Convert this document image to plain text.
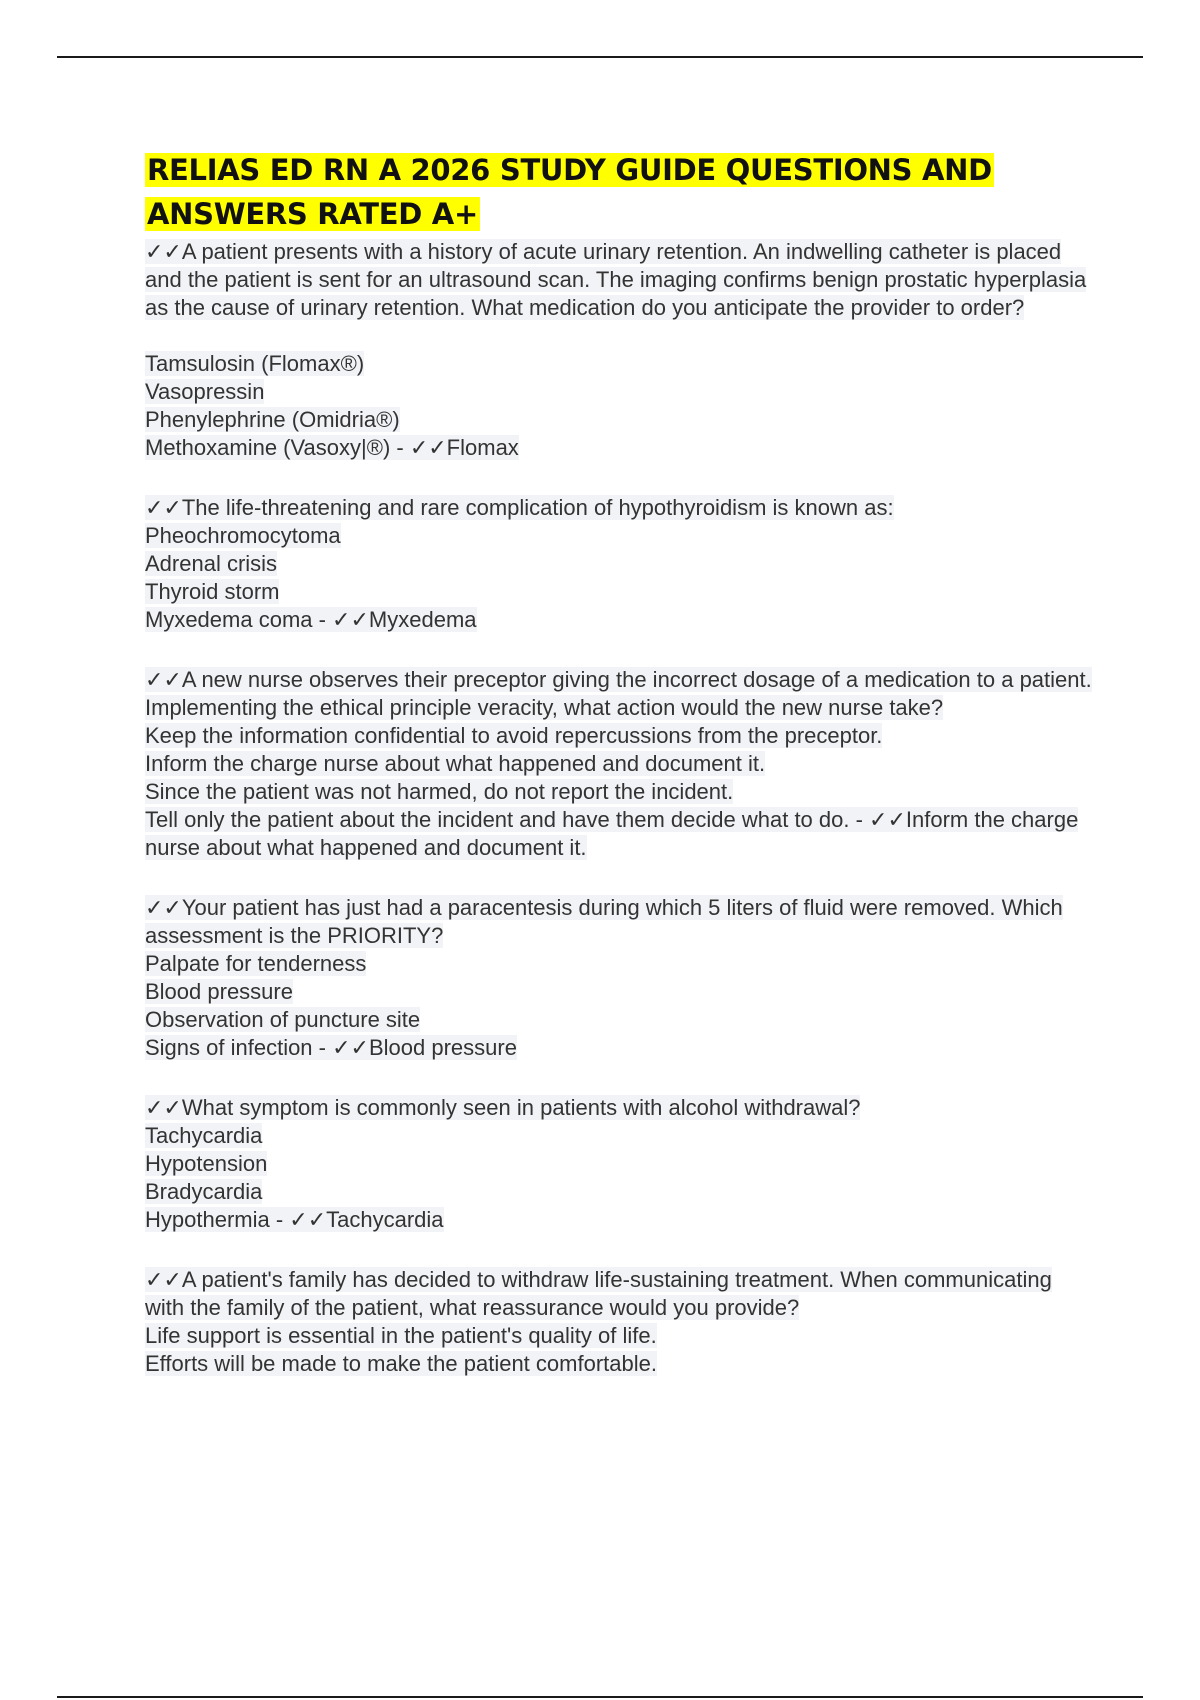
RELIAS ED RN A 2026 STUDY GUIDE QUESTIONS AND ANSWERS RATED A+
✓✓A patient presents with a history of acute urinary retention. An indwelling catheter is placed and the patient is sent for an ultrasound scan. The imaging confirms benign prostatic hyperplasia as the cause of urinary retention. What medication do you anticipate the provider to order?
Tamsulosin (Flomax®)
Vasopressin
Phenylephrine (Omidria®)
Methoxamine (Vasoxy|®) - ✓✓Flomax
✓✓The life-threatening and rare complication of hypothyroidism is known as:
Pheochromocytoma
Adrenal crisis
Thyroid storm
Myxedema coma - ✓✓Myxedema
✓✓A new nurse observes their preceptor giving the incorrect dosage of a medication to a patient. Implementing the ethical principle veracity, what action would the new nurse take?
Keep the information confidential to avoid repercussions from the preceptor.
Inform the charge nurse about what happened and document it.
Since the patient was not harmed, do not report the incident.
Tell only the patient about the incident and have them decide what to do. - ✓✓Inform the charge nurse about what happened and document it.
✓✓Your patient has just had a paracentesis during which 5 liters of fluid were removed. Which assessment is the PRIORITY?
Palpate for tenderness
Blood pressure
Observation of puncture site
Signs of infection - ✓✓Blood pressure
✓✓What symptom is commonly seen in patients with alcohol withdrawal?
Tachycardia
Hypotension
Bradycardia
Hypothermia - ✓✓Tachycardia
✓✓A patient's family has decided to withdraw life-sustaining treatment. When communicating with the family of the patient, what reassurance would you provide?
Life support is essential in the patient's quality of life.
Efforts will be made to make the patient comfortable.
